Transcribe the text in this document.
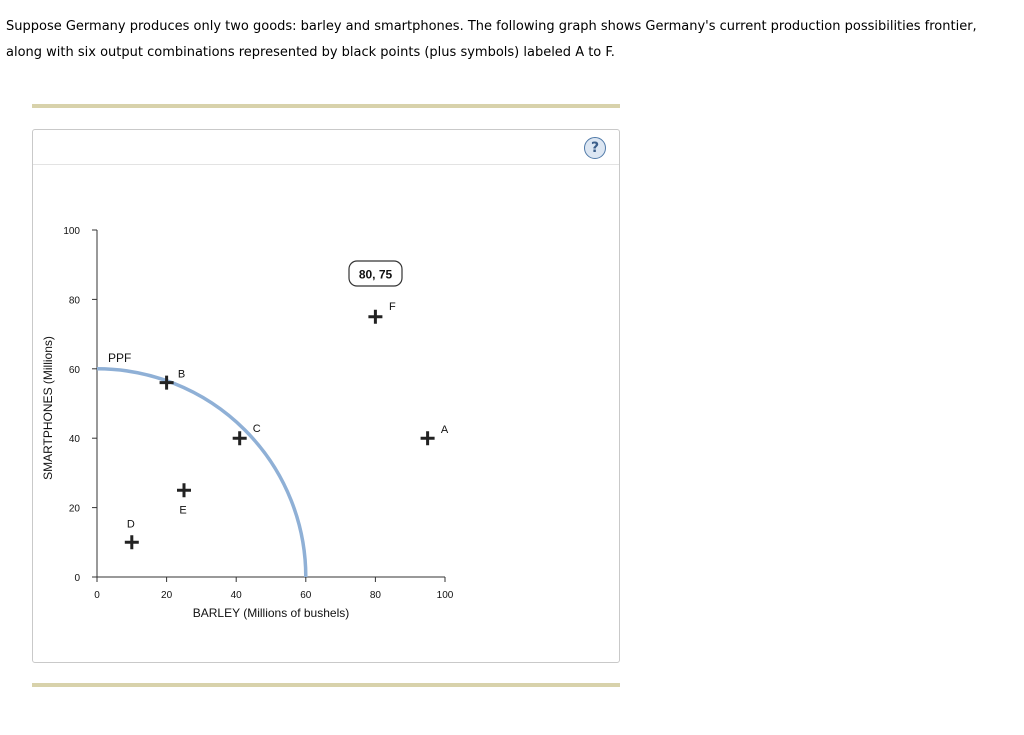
Suppose Germany produces only two goods: barley and smartphones. The following graph shows Germany's current production possibilities frontier,
along with six output combinations represented by black points (plus symbols) labeled A to F.
?
0	20	40	60	80	100
0
20
40
60
80
100
BARLEY (Millions of bushels)
SMARTPHONES (Millions)	PPF
A
B
C
D
E
F
80, 75
